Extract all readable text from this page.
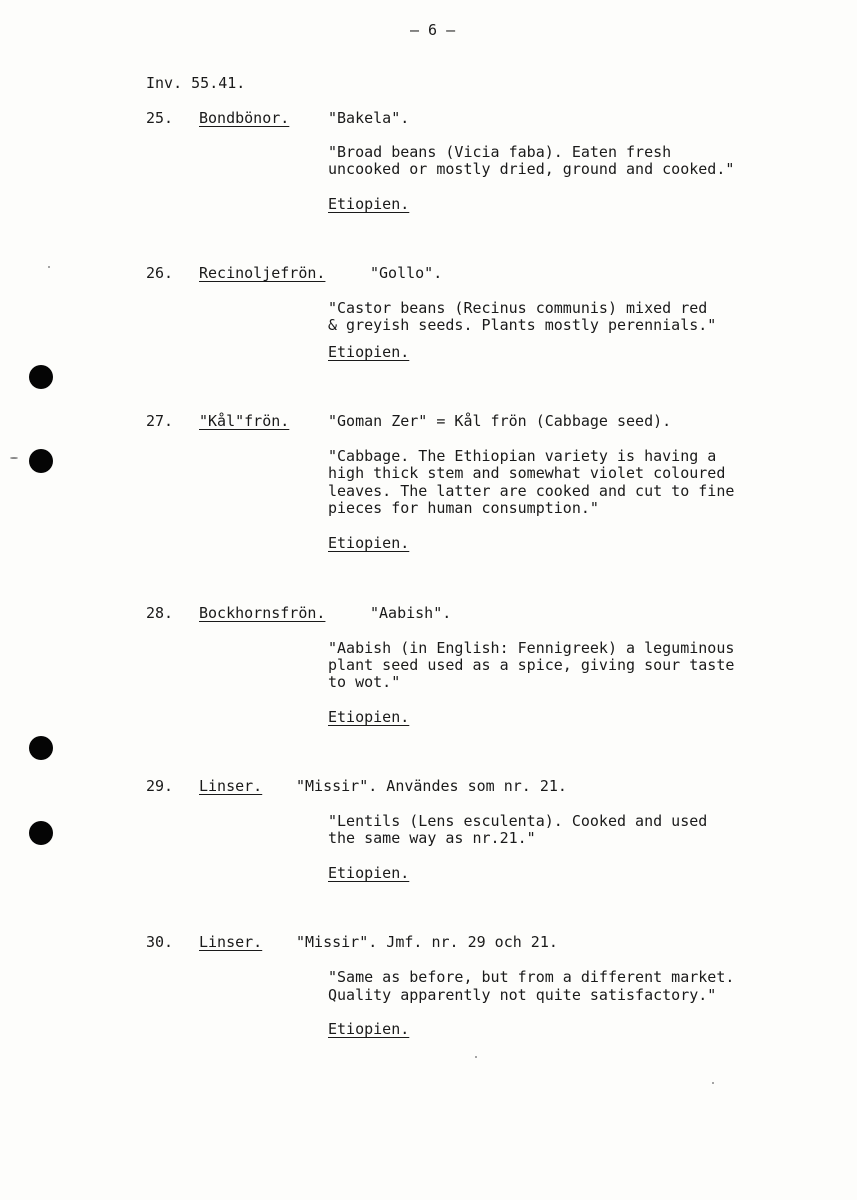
– 6 –
Inv. 55.41.
25. Bondbönor.	"Bakela".
"Broad beans (Vicia faba). Eaten fresh
uncooked or mostly dried, ground and cooked."
Etiopien.
26. Recinoljefrön.	"Gollo".
"Castor beans (Recinus communis) mixed red
& greyish seeds. Plants mostly perennials."
Etiopien.
27. "Kål"frön.	"Goman Zer" = Kål frön (Cabbage seed).
"Cabbage. The Ethiopian variety is having a
high thick stem and somewhat violet coloured
leaves. The latter are cooked and cut to fine
pieces for human consumption."
Etiopien.
28. Bockhornsfrön.	"Aabish".
"Aabish (in English: Fennigreek) a leguminous
plant seed used as a spice, giving sour taste
to wot."
Etiopien.
29. Linser. "Missir". Användes som nr. 21.
"Lentils (Lens esculenta). Cooked and used
the same way as nr.21."
Etiopien.
30. Linser. "Missir". Jmf. nr. 29 och 21.
"Same as before, but from a different market.
Quality apparently not quite satisfactory."
Etiopien.
